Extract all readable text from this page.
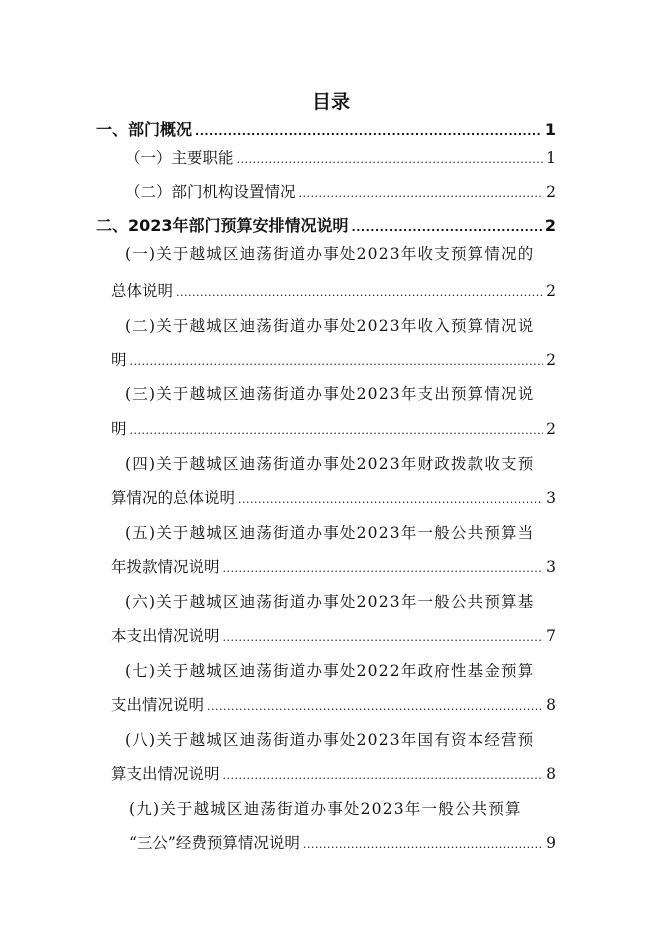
目录
一、部门概况 .....	1
（一）主要职能 .....	1
（二）部门机构设置情况 .....	2
二、2023年部门预算安排情况说明 .....	2
(一)关于越城区迪荡街道办事处2023年收支预算情况的
总体说明 .....	2
(二)关于越城区迪荡街道办事处2023年收入预算情况说
明 .....	2
(三)关于越城区迪荡街道办事处2023年支出预算情况说
明 .....	2
(四)关于越城区迪荡街道办事处2023年财政拨款收支预
算情况的总体说明 .....	3
(五)关于越城区迪荡街道办事处2023年一般公共预算当
年拨款情况说明 .....	3
(六)关于越城区迪荡街道办事处2023年一般公共预算基
本支出情况说明 .....	7
(七)关于越城区迪荡街道办事处2022年政府性基金预算
支出情况说明 .....	8
(八)关于越城区迪荡街道办事处2023年国有资本经营预
算支出情况说明 .....	8
(九)关于越城区迪荡街道办事处2023年一般公共预算
“三公”经费预算情况说明 .....	9
